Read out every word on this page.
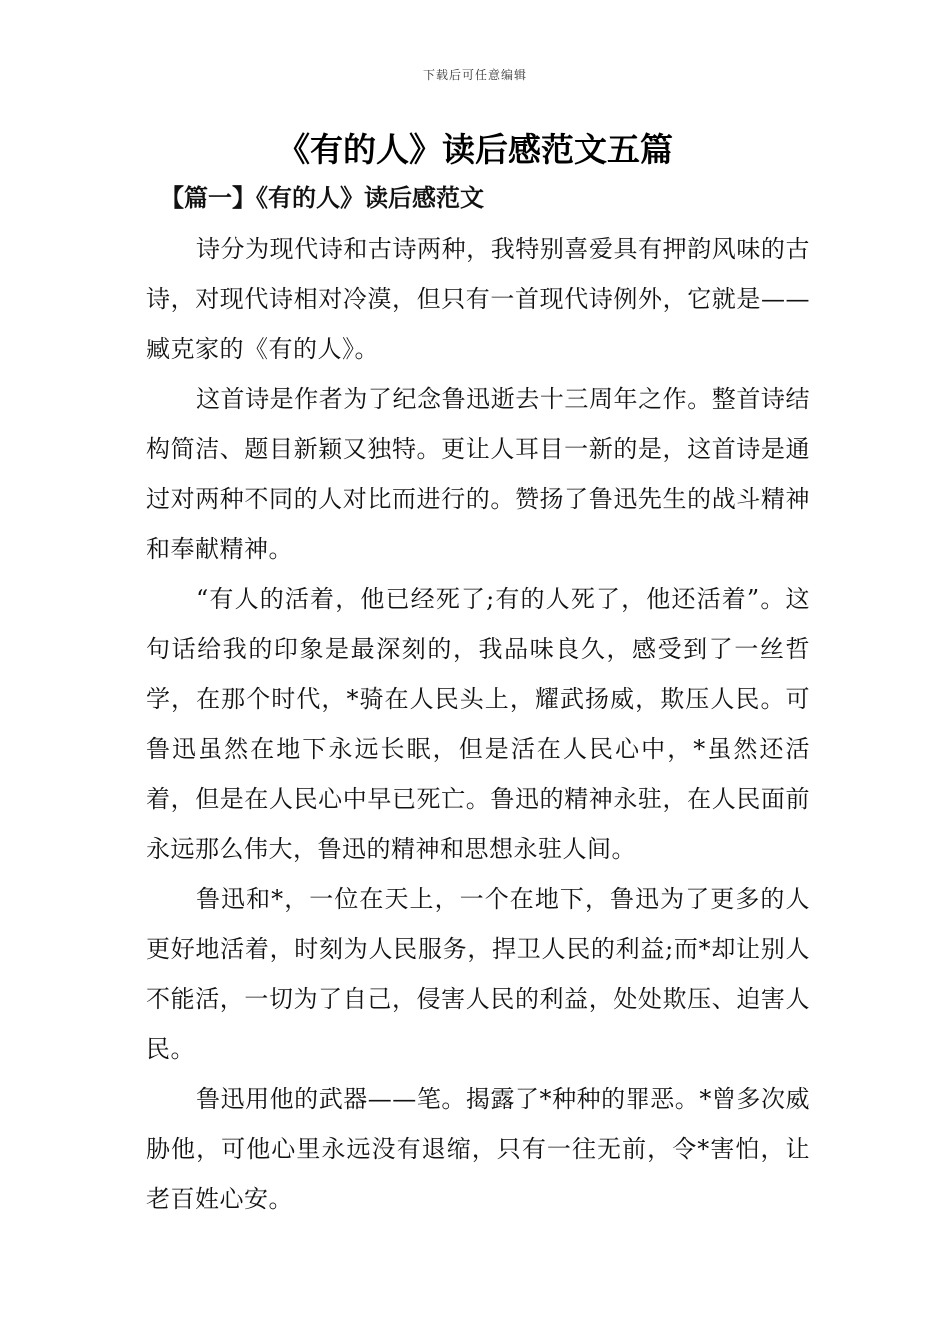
下载后可任意编辑
《有的人》读后感范文五篇
【篇一】《有的人》读后感范文

诗分为现代诗和古诗两种，我特别喜爱具有押韵风味的古诗，对现代诗相对冷漠，但只有一首现代诗例外，它就是——臧克家的《有的人》。

这首诗是作者为了纪念鲁迅逝去十三周年之作。整首诗结构简洁、题目新颖又独特。更让人耳目一新的是，这首诗是通过对两种不同的人对比而进行的。赞扬了鲁迅先生的战斗精神和奉献精神。

“有人的活着，他已经死了;有的人死了，他还活着”。这句话给我的印象是最深刻的，我品味良久，感受到了一丝哲学，在那个时代，*骑在人民头上，耀武扬威，欺压人民。可鲁迅虽然在地下永远长眠，但是活在人民心中，*虽然还活着，但是在人民心中早已死亡。鲁迅的精神永驻，在人民面前永远那么伟大，鲁迅的精神和思想永驻人间。

鲁迅和*，一位在天上，一个在地下，鲁迅为了更多的人更好地活着，时刻为人民服务，捍卫人民的利益;而*却让别人不能活，一切为了自己，侵害人民的利益，处处欺压、迫害人民。

鲁迅用他的武器——笔。揭露了*种种的罪恶。*曾多次威胁他，可他心里永远没有退缩，只有一往无前，令*害怕，让老百姓心安。
